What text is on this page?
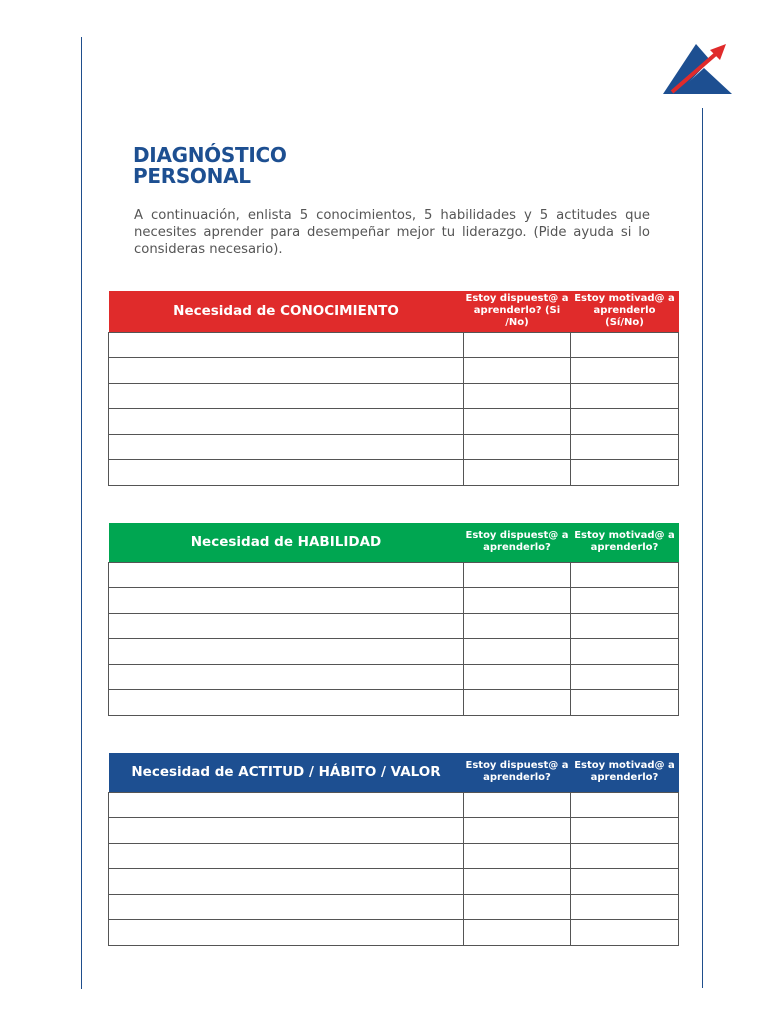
DIAGNÓSTICO
PERSONAL

A continuación, enlista 5 conocimientos, 5 habilidades y 5 actitudes que necesites aprender para desempeñar mejor tu liderazgo. (Pide ayuda si lo consideras necesario).

Necesidad de CONOCIMIENTO	Estoy dispuest@ a aprenderlo? (Si /No)	Estoy motivad@ a aprenderlo (Sí/No)

Necesidad de HABILIDAD	Estoy dispuest@ a aprenderlo?	Estoy motivad@ a aprenderlo?

Necesidad de ACTITUD / HÁBITO / VALOR	Estoy dispuest@ a aprenderlo?	Estoy motivad@ a aprenderlo?
